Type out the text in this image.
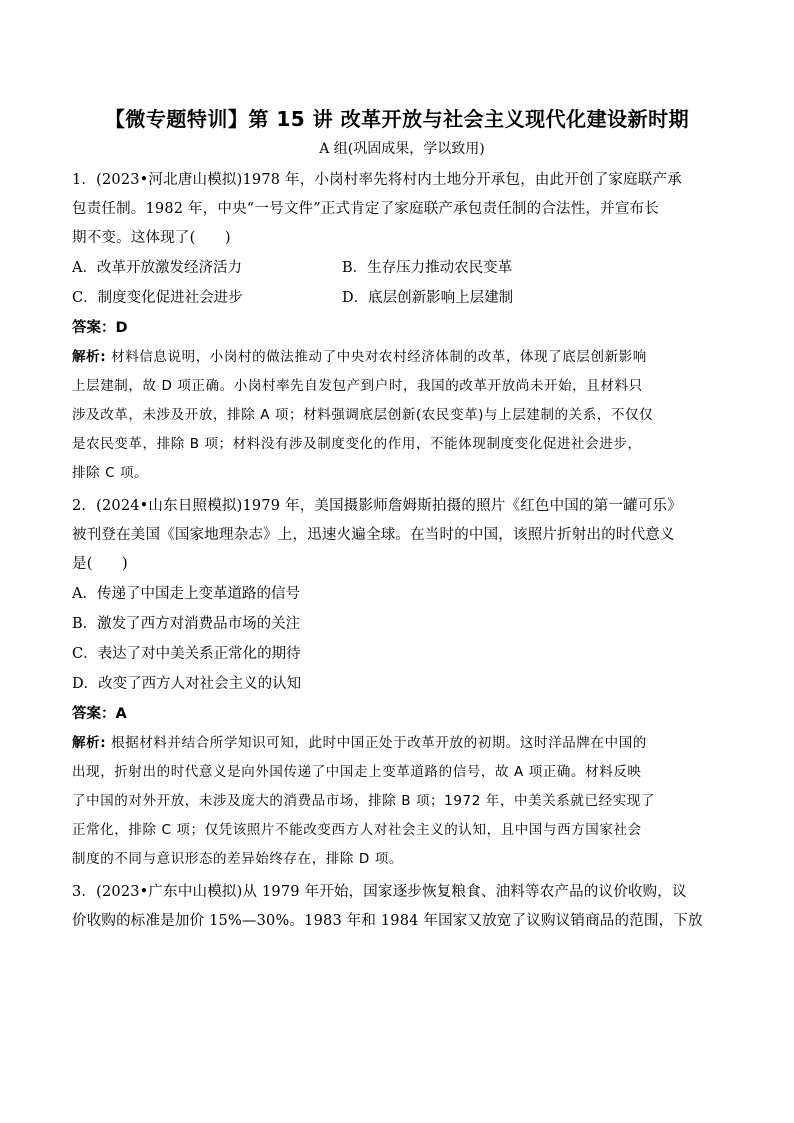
【微专题特训】第 15 讲 改革开放与社会主义现代化建设新时期
A 组(巩固成果，学以致用)

1．(2023•河北唐山模拟)1978 年，小岗村率先将村内土地分开承包，由此开创了家庭联产承

包责任制。1982 年，中央“一号文件”正式肯定了家庭联产承包责任制的合法性，并宣布长

期不变。这体现了(　　)

A．改革开放激发经济活力	B．生存压力推动农民变革
C．制度变化促进社会进步	D．底层创新影响上层建制
答案：D
解析: 材料信息说明，小岗村的做法推动了中央对农村经济体制的改革，体现了底层创新影响
上层建制，故 D 项正确。小岗村率先自发包产到户时，我国的改革开放尚未开始，且材料只
涉及改革，未涉及开放，排除 A 项；材料强调底层创新(农民变革)与上层建制的关系，不仅仅
是农民变革，排除 B 项；材料没有涉及制度变化的作用，不能体现制度变化促进社会进步，
排除 C 项。

2．(2024•山东日照模拟)1979 年，美国摄影师詹姆斯拍摄的照片《红色中国的第一罐可乐》

被刊登在美国《国家地理杂志》上，迅速火遍全球。在当时的中国，该照片折射出的时代意义

是(　　)

A．传递了中国走上变革道路的信号
B．激发了西方对消费品市场的关注
C．表达了对中美关系正常化的期待
D．改变了西方人对社会主义的认知
答案：A
解析: 根据材料并结合所学知识可知，此时中国正处于改革开放的初期。这时洋品牌在中国的
出现，折射出的时代意义是向外国传递了中国走上变革道路的信号，故 A 项正确。材料反映
了中国的对外开放，未涉及庞大的消费品市场，排除 B 项；1972 年，中美关系就已经实现了
正常化，排除 C 项；仅凭该照片不能改变西方人对社会主义的认知，且中国与西方国家社会
制度的不同与意识形态的差异始终存在，排除 D 项。

3．(2023•广东中山模拟)从 1979 年开始，国家逐步恢复粮食、油料等农产品的议价收购，议

价收购的标准是加价 15%—30%。1983 年和 1984 年国家又放宽了议购议销商品的范围，下放
